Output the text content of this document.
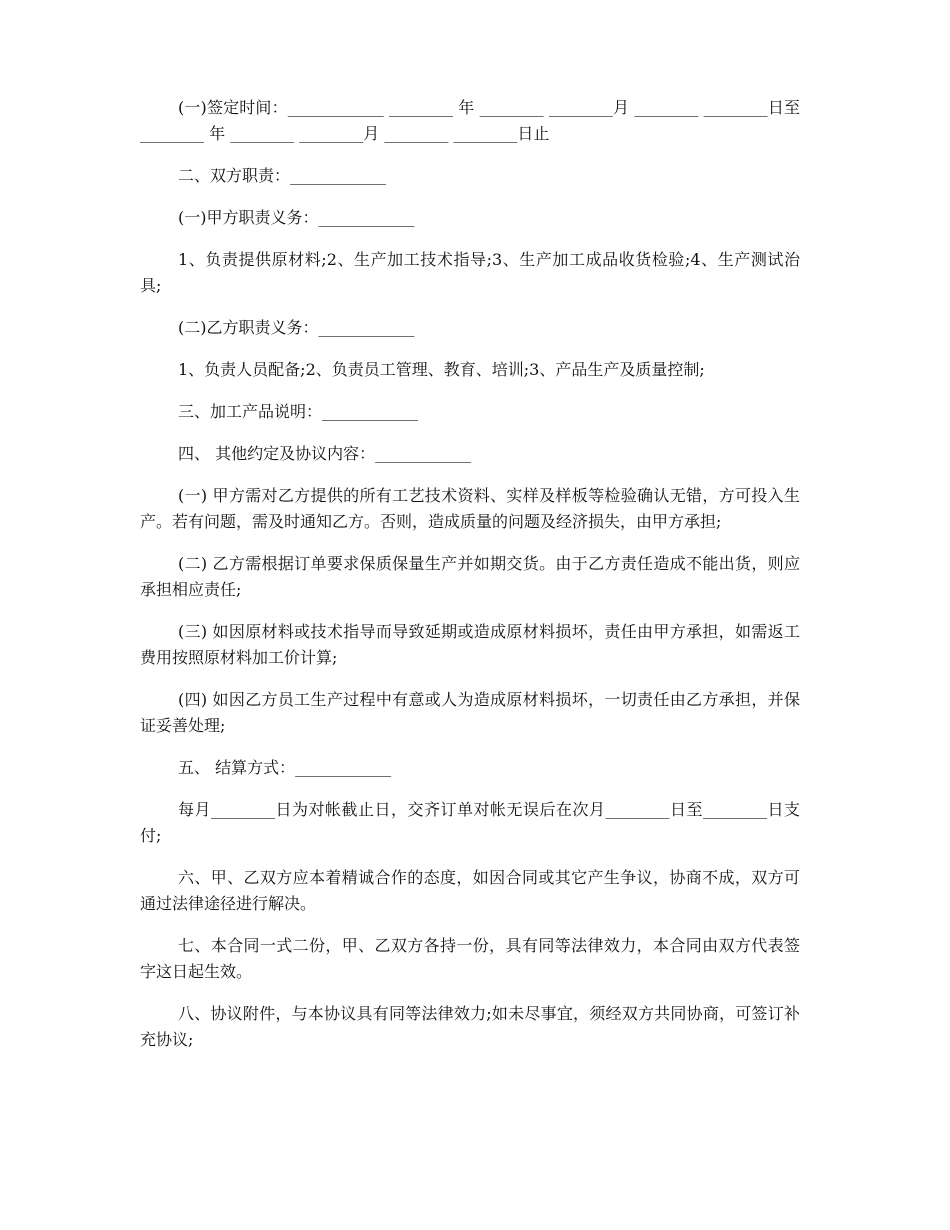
(一)签定时间：____________ ________ 年 ________ ________月 ________ ________日至 ________ 年 ________ ________月 ________ ________日止

二、双方职责：____________

(一)甲方职责义务：____________

1、负责提供原材料;2、生产加工技术指导;3、生产加工成品收货检验;4、生产测试治具;

(二)乙方职责义务：____________

1、负责人员配备;2、负责员工管理、教育、培训;3、产品生产及质量控制;

三、加工产品说明：____________

四、 其他约定及协议内容：____________

(一) 甲方需对乙方提供的所有工艺技术资料、实样及样板等检验确认无错，方可投入生产。若有问题，需及时通知乙方。否则，造成质量的问题及经济损失，由甲方承担;

(二) 乙方需根据订单要求保质保量生产并如期交货。由于乙方责任造成不能出货，则应承担相应责任;

(三) 如因原材料或技术指导而导致延期或造成原材料损坏，责任由甲方承担，如需返工费用按照原材料加工价计算;

(四) 如因乙方员工生产过程中有意或人为造成原材料损坏，一切责任由乙方承担，并保证妥善处理;

五、 结算方式：____________

每月________日为对帐截止日，交齐订单对帐无误后在次月________日至________日支付;

六、甲、乙双方应本着精诚合作的态度，如因合同或其它产生争议，协商不成，双方可通过法律途径进行解决。

七、本合同一式二份，甲、乙双方各持一份，具有同等法律效力，本合同由双方代表签字这日起生效。

八、协议附件，与本协议具有同等法律效力;如未尽事宜，须经双方共同协商，可签订补充协议;
